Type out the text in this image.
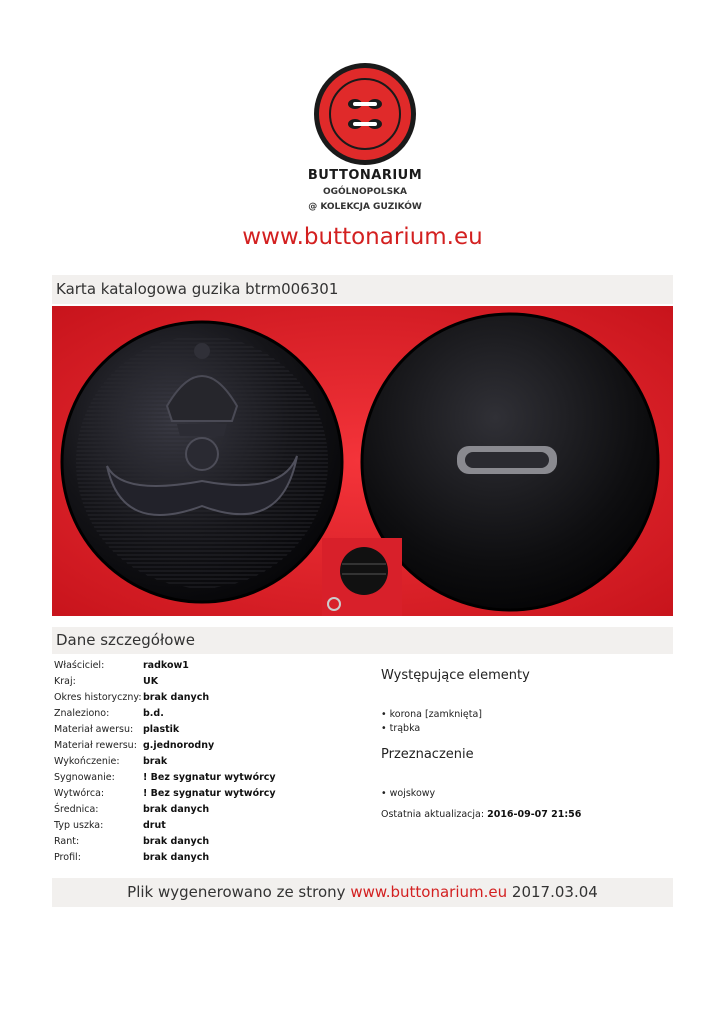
BUTTONARIUM
OGÓLNOPOLSKA
@ KOLEKCJA GUZIKÓW
www.buttonarium.eu
Karta katalogowa guzika btrm006301
Dane szczegółowe
Właściciel:	radkow1
Kraj:	UK
Okres historyczny: brak danych
Znaleziono:	b.d.
Materiał awersu: plastik
Materiał rewersu: g.jednorodny
Wykończenie: brak
Sygnowanie:	! Bez sygnatur wytwórcy
Wytwórca:	! Bez sygnatur wytwórcy
Średnica:	brak danych
Typ uszka:	drut
Rant:	brak danych
Profil:	brak danych
Występujące elementy
• korona [zamknięta]
• trąbka
Przeznaczenie
• wojskowy
Ostatnia aktualizacja: 2016-09-07 21:56
Plik wygenerowano ze strony www.buttonarium.eu 2017.03.04
